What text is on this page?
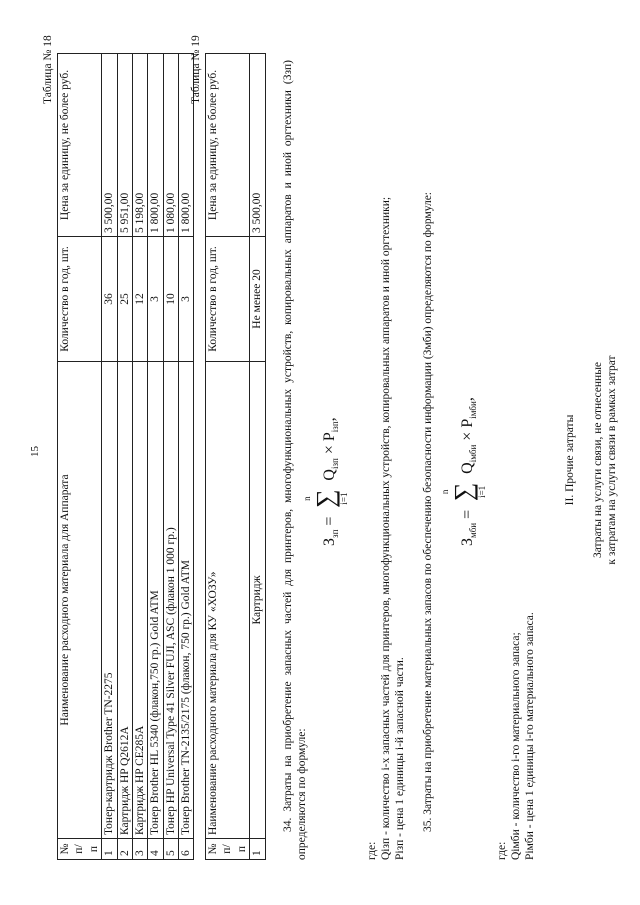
15
Таблица № 18
№ п/п	Наименование расходного материала для Аппарата	Количество в год, шт.	Цена за единицу, не более руб.
1	Тонер-картридж Brother TN-2275	36	3 500,00
2	Картридж HP Q2612A	25	5 951,00
3	Картридж HP CE285A	12	5 198,00
4	Тонер Brother HL 5340 (флакон,750 гр.) Gold ATM	3	1 800,00
5	Тонер HP Universal Type 41 Silver FUJI, ASC (флакон 1 000 гр.)	10	1 080,00
6	Тонер Brother TN-2135/2175 (флакон, 750 гр.) Gold ATM	3	1 800,00
Таблица № 19
№ п/п	Наименование расходного материала для КУ «ХОЗУ»	Количество в год, шт.	Цена за единицу, не более руб.
1	Картридж	Не менее 20	3 500,00 34. Затраты на приобретение запасных частей для принтеров, многофункциональных устройств, копировальных аппаратов и иной оргтехники (Ззп) определяются по формуле:
$З_{зп}$ =
n ∑ i=1
$Q_{iзп} \times P_{iзп}$,
где: Qiзп - количество i-х запасных частей для принтеров, многофункциональных устройств, копировальных аппаратов и иной оргтехники; Piзп - цена 1 единицы i-й запасной части. 35. Затраты на приобретение материальных запасов по обеспечению безопасности информации (Змби) определяются по формуле:	$З_{мби}$ =
n ∑ i=1
$Q_{iмби} \times P_{iмби}$,
где: Qiмби - количество i-го материального запаса; Piмби - цена 1 единицы i-го материального запаса.
II. Прочие затраты Затраты на услуги связи, не отнесенные к затратам на услуги связи в рамках затрат
